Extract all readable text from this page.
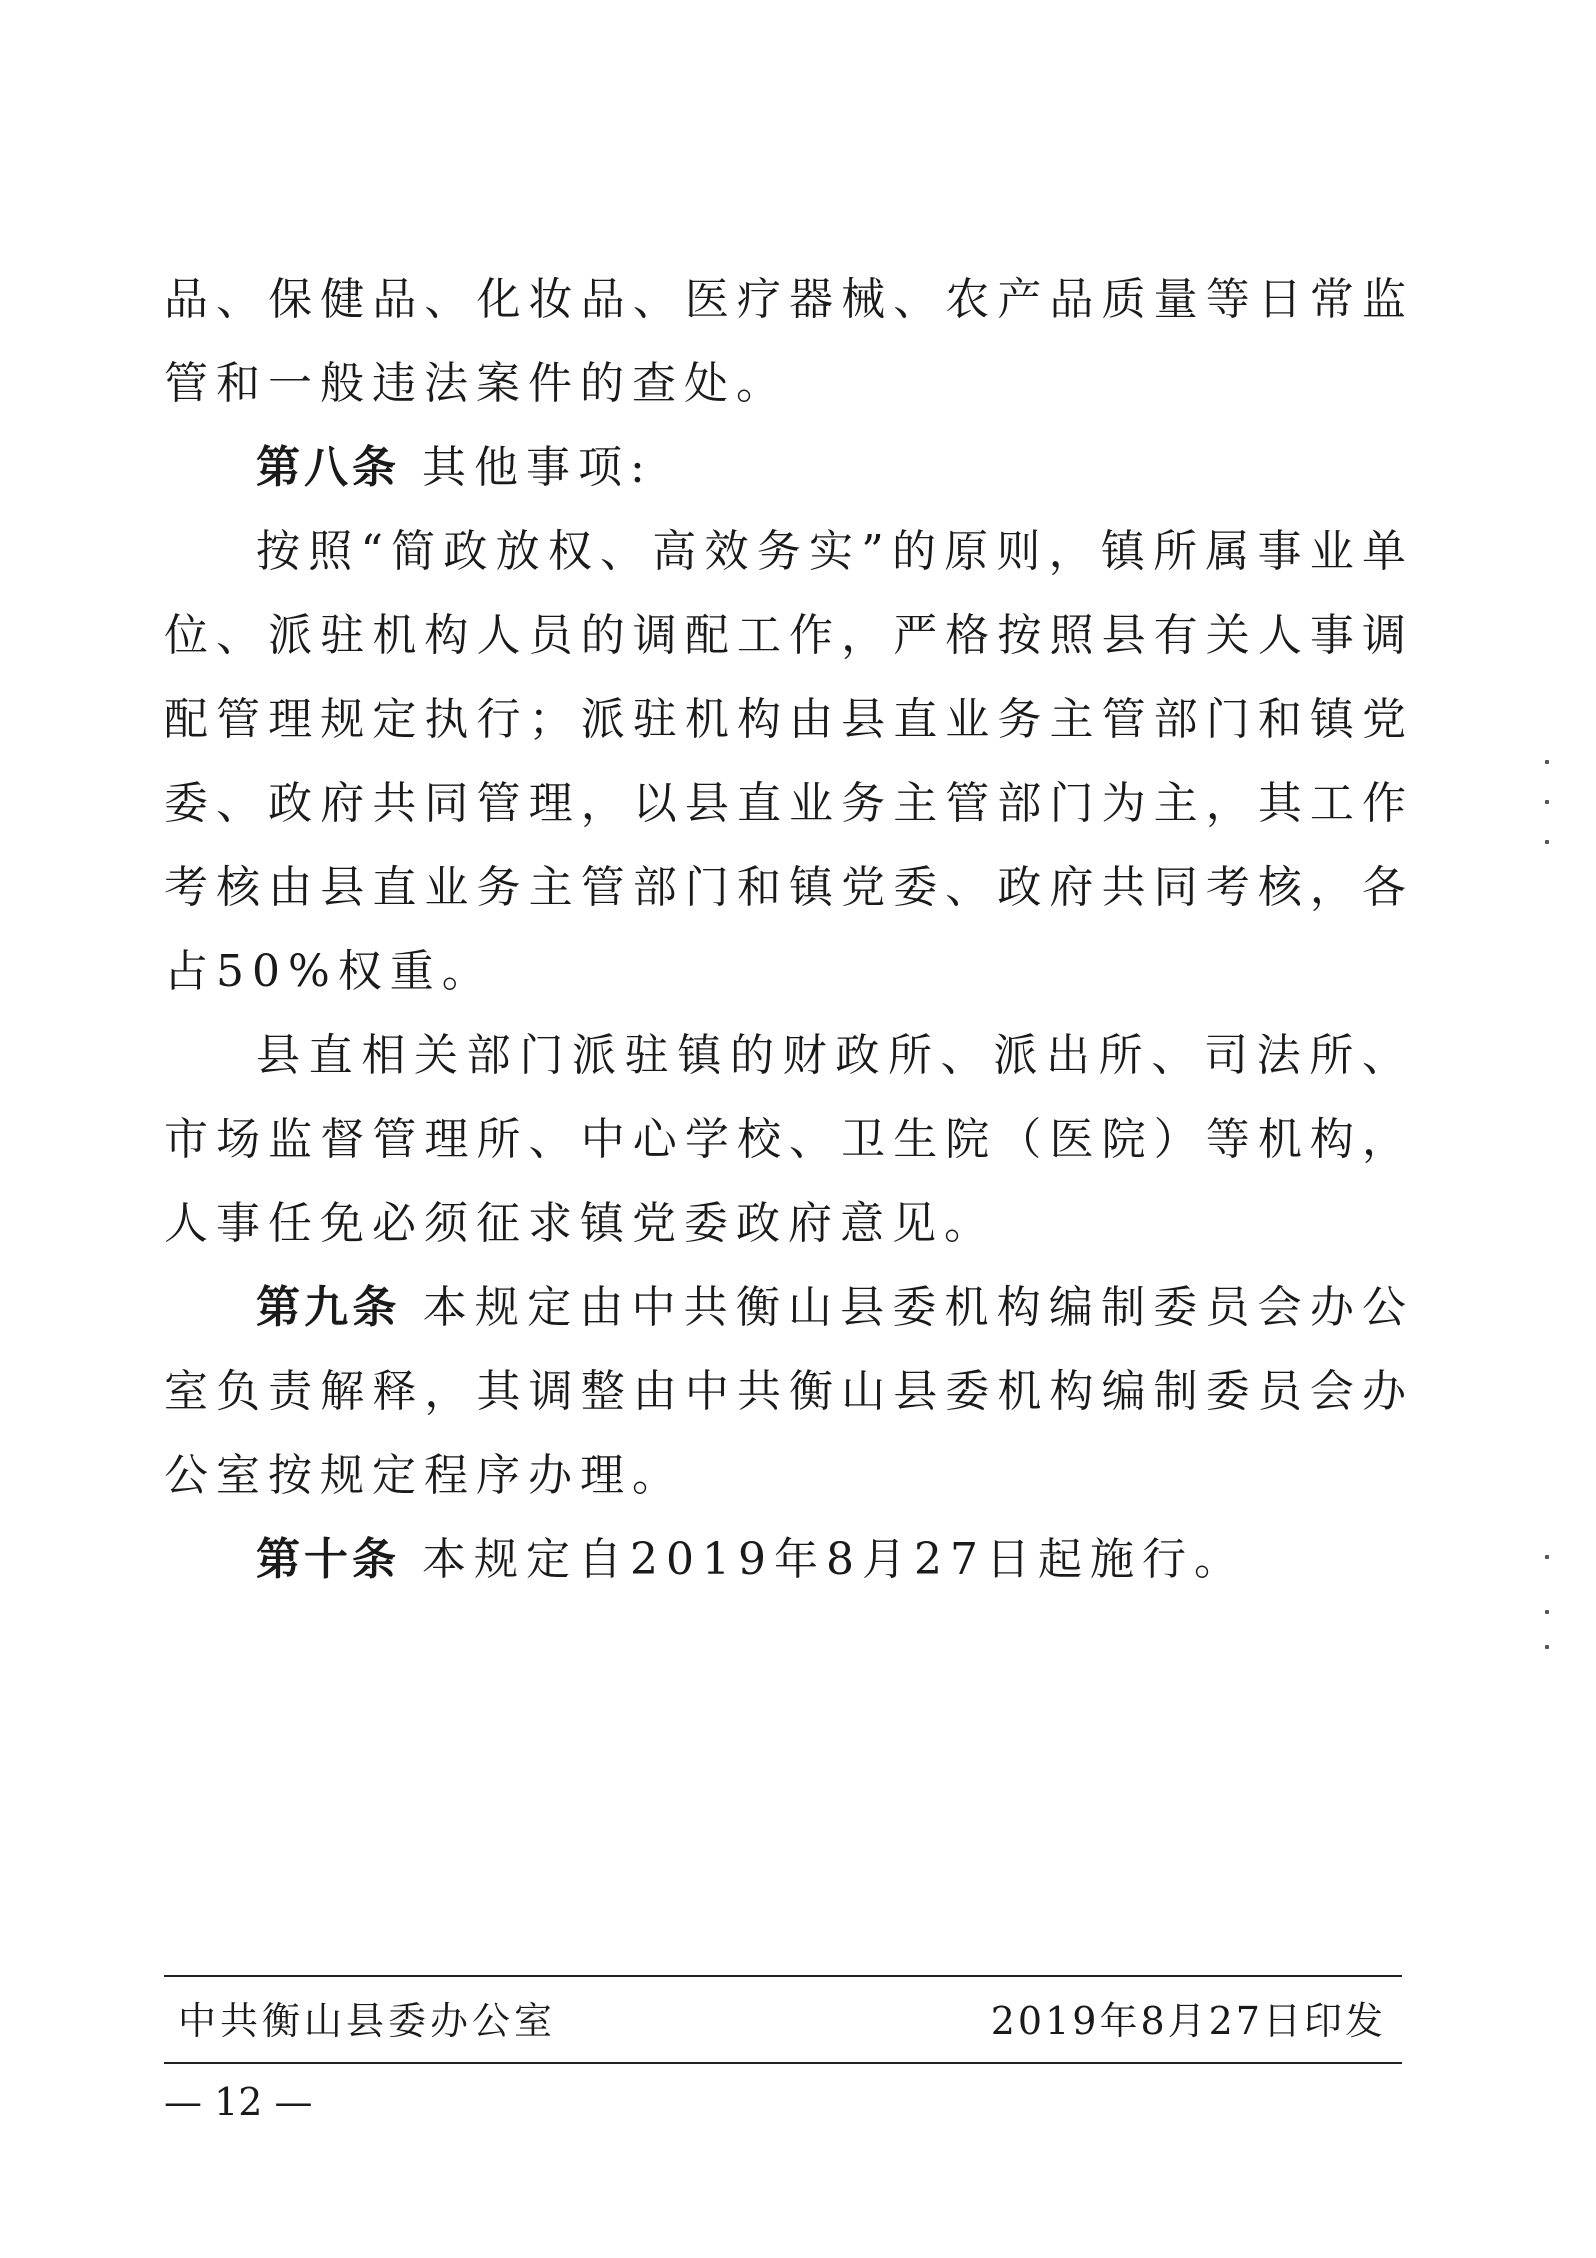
品、保健品、化妆品、医疗器械、农产品质量等日常监管和一般违法案件的查处。

第八条 其他事项:

按照“简政放权、高效务实”的原则，镇所属事业单位、派驻机构人员的调配工作，严格按照县有关人事调配管理规定执行；派驻机构由县直业务主管部门和镇党委、政府共同管理，以县直业务主管部门为主，其工作考核由县直业务主管部门和镇党委、政府共同考核，各占50%权重。

县直相关部门派驻镇的财政所、派出所、司法所、市场监督管理所、中心学校、卫生院（医院）等机构，人事任免必须征求镇党委政府意见。

第九条 本规定由中共衡山县委机构编制委员会办公室负责解释，其调整由中共衡山县委机构编制委员会办公室按规定程序办理。

第十条 本规定自2019年8月27日起施行。

中共衡山县委办公室	2019年8月27日印发
— 12 —
